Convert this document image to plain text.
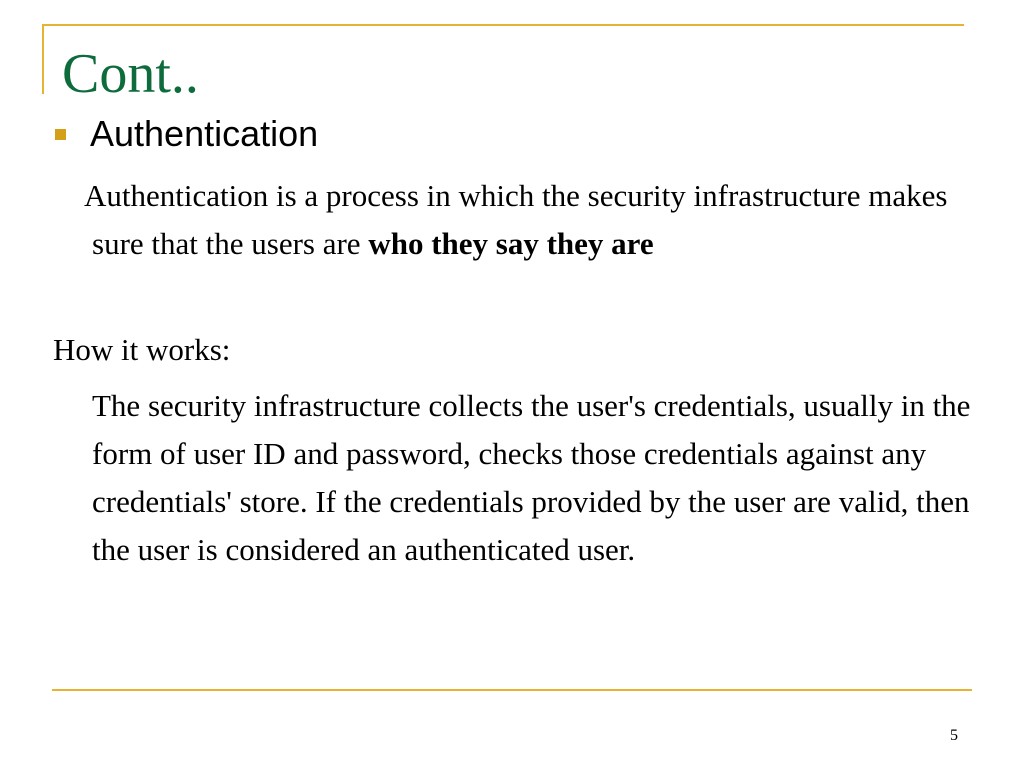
Cont..
Authentication
Authentication is a process in which the security infrastructure makes sure that the users are who they say they are
How it works:
The security infrastructure collects the user's credentials, usually in the form of user ID and password, checks those credentials against any credentials' store. If the credentials provided by the user are valid, then the user is considered an authenticated user.
5
